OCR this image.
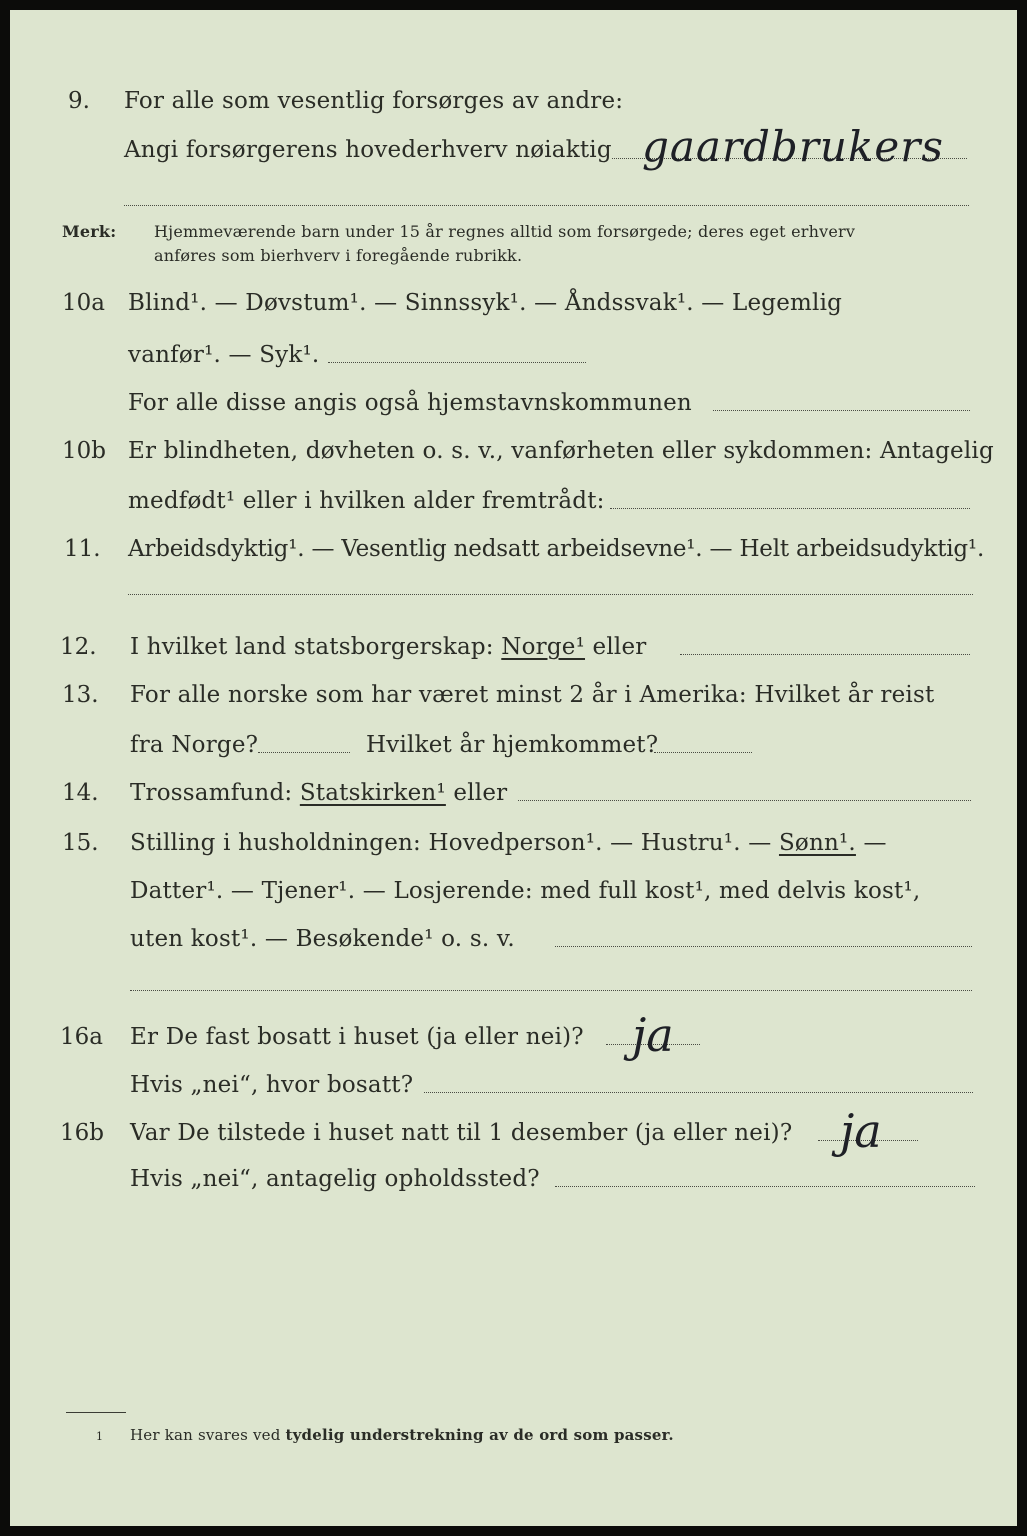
9. For alle som vesentlig forsørges av andre:
Angi forsørgerens hovederhverv nøiaktig gaardbrukers
Merk: Hjemmeværende barn under 15 år regnes alltid som forsørgede; deres eget erhverv
anføres som bierhverv i foregående rubrikk.
10a Blind¹. — Døvstum¹. — Sinnssyk¹. — Åndssvak¹. — Legemlig
vanfør¹. — Syk¹.
For alle disse angis også hjemstavnskommunen
10b Er blindheten, døvheten o. s. v., vanførheten eller sykdommen: Antagelig
medfødt¹ eller i hvilken alder fremtrådt:
11. Arbeidsdyktig¹. — Vesentlig nedsatt arbeidsevne¹. — Helt arbeidsudyktig¹.
12. I hvilket land statsborgerskap: Norge¹ eller
13. For alle norske som har været minst 2 år i Amerika: Hvilket år reist
fra Norge?	Hvilket år hjemkommet?
14. Trossamfund: Statskirken¹ eller
15. Stilling i husholdningen: Hovedperson¹. — Hustru¹. — Sønn¹. —
Datter¹. — Tjener¹. — Losjerende: med full kost¹, med delvis kost¹,
uten kost¹. — Besøkende¹ o. s. v.
16a Er De fast bosatt i huset (ja eller nei)? ja
Hvis „nei“, hvor bosatt?
16b Var De tilstede i huset natt til 1 desember (ja eller nei)? ja
Hvis „nei“, antagelig opholdssted?
1 Her kan svares ved tydelig understrekning av de ord som passer.
